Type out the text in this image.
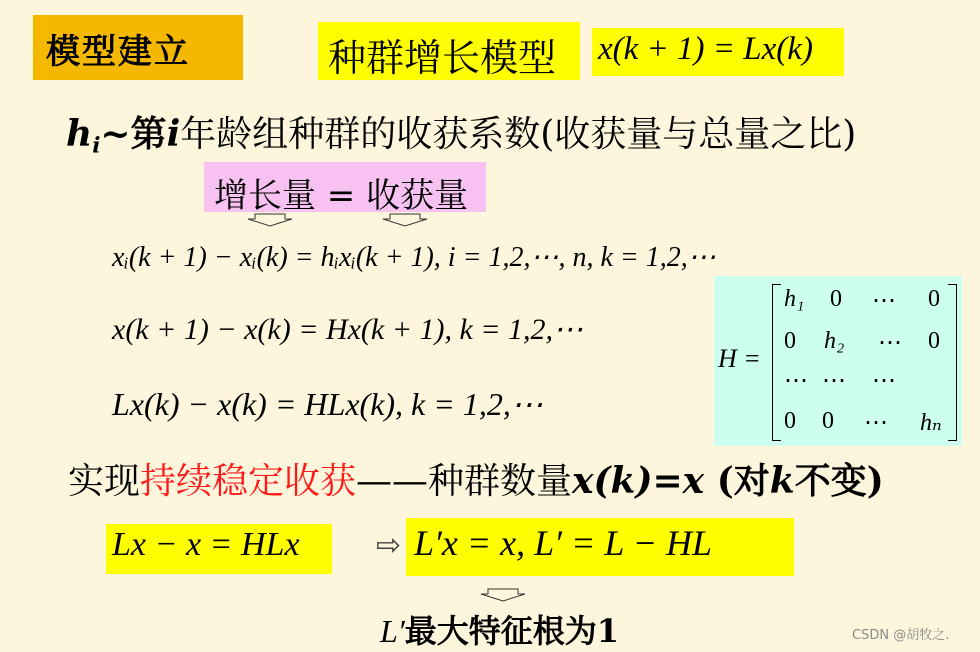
模型建立	种群增长模型 x(k + 1) = Lx(k)
hi~第i年龄组种群的收获系数(收获量与总量之比)
增长量 = 收获量
xᵢ(k + 1) − xᵢ(k) = hᵢxᵢ(k + 1), i = 1,2,⋯, n, k = 1,2,⋯
x(k + 1) − x(k) = Hx(k + 1), k = 1,2,⋯
Lx(k) − x(k) = HLx(k), k = 1,2,⋯
H =
h₁ 0 ⋯ 0
0 h₂ ⋯ 0
⋯ ⋯ ⋯
0 0 ⋯ hₙ
实现持续稳定收获——种群数量x(k)=x (对k不变)
Lx − x = HLx	⇨ L′x = x, L′ = L − HL
L′最大特征根为1	CSDN @胡牧之.
